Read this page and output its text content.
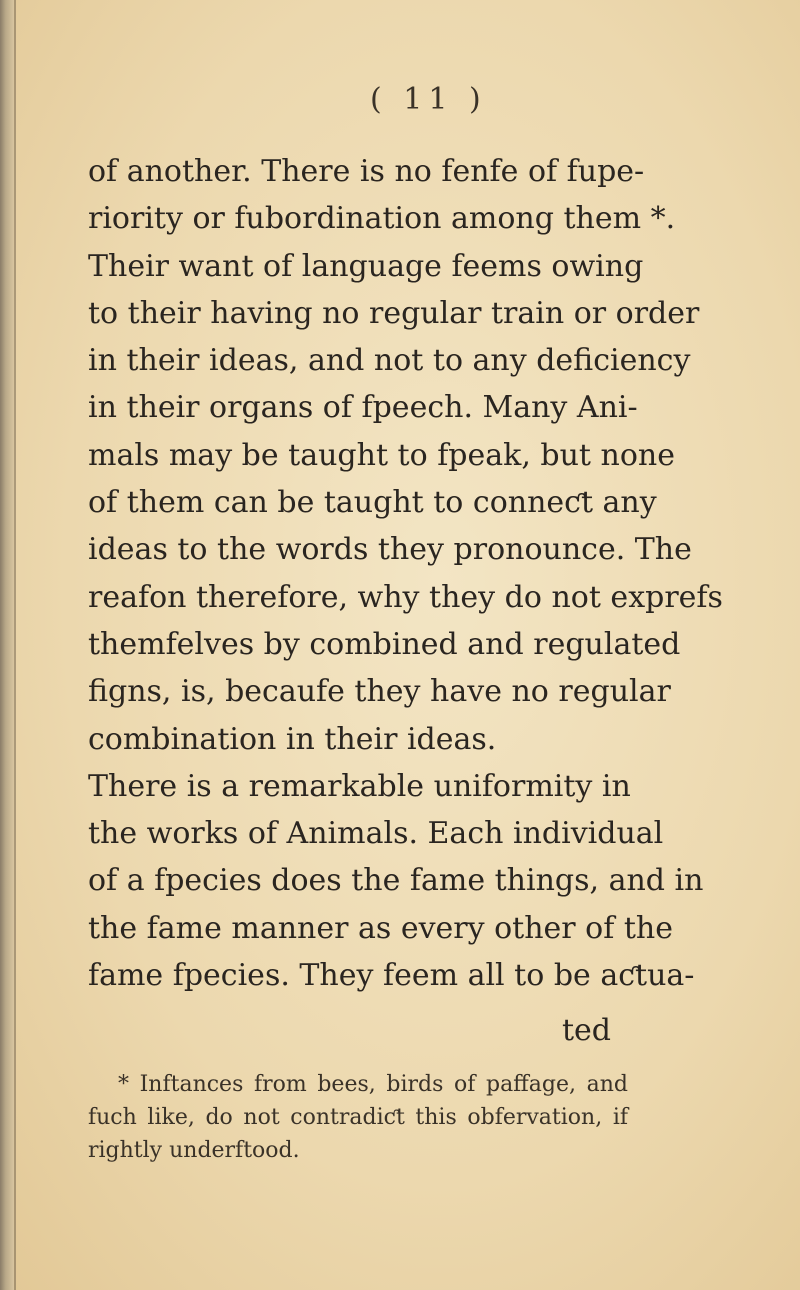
( 11 )
of another. There is no fenfe of fupe-
riority or fubordination among them *.
Their want of language feems owing
to their having no regular train or order
in their ideas, and not to any deficiency
in their organs of fpeech. Many Ani-
mals may be taught to fpeak, but none
of them can be taught to conneƈt any
ideas to the words they pronounce. The
reafon therefore, why they do not exprefs
themfelves by combined and regulated
figns, is, becaufe they have no regular
combination in their ideas.
There is a remarkable uniformity in
the works of Animals. Each individual
of a fpecies does the fame things, and in
the fame manner as every other of the
fame fpecies. They feem all to be aƈtua-
ted
* Inftances from bees, birds of paffage, and
fuch like, do not contradiƈt this obfervation, if
rightly underftood.
